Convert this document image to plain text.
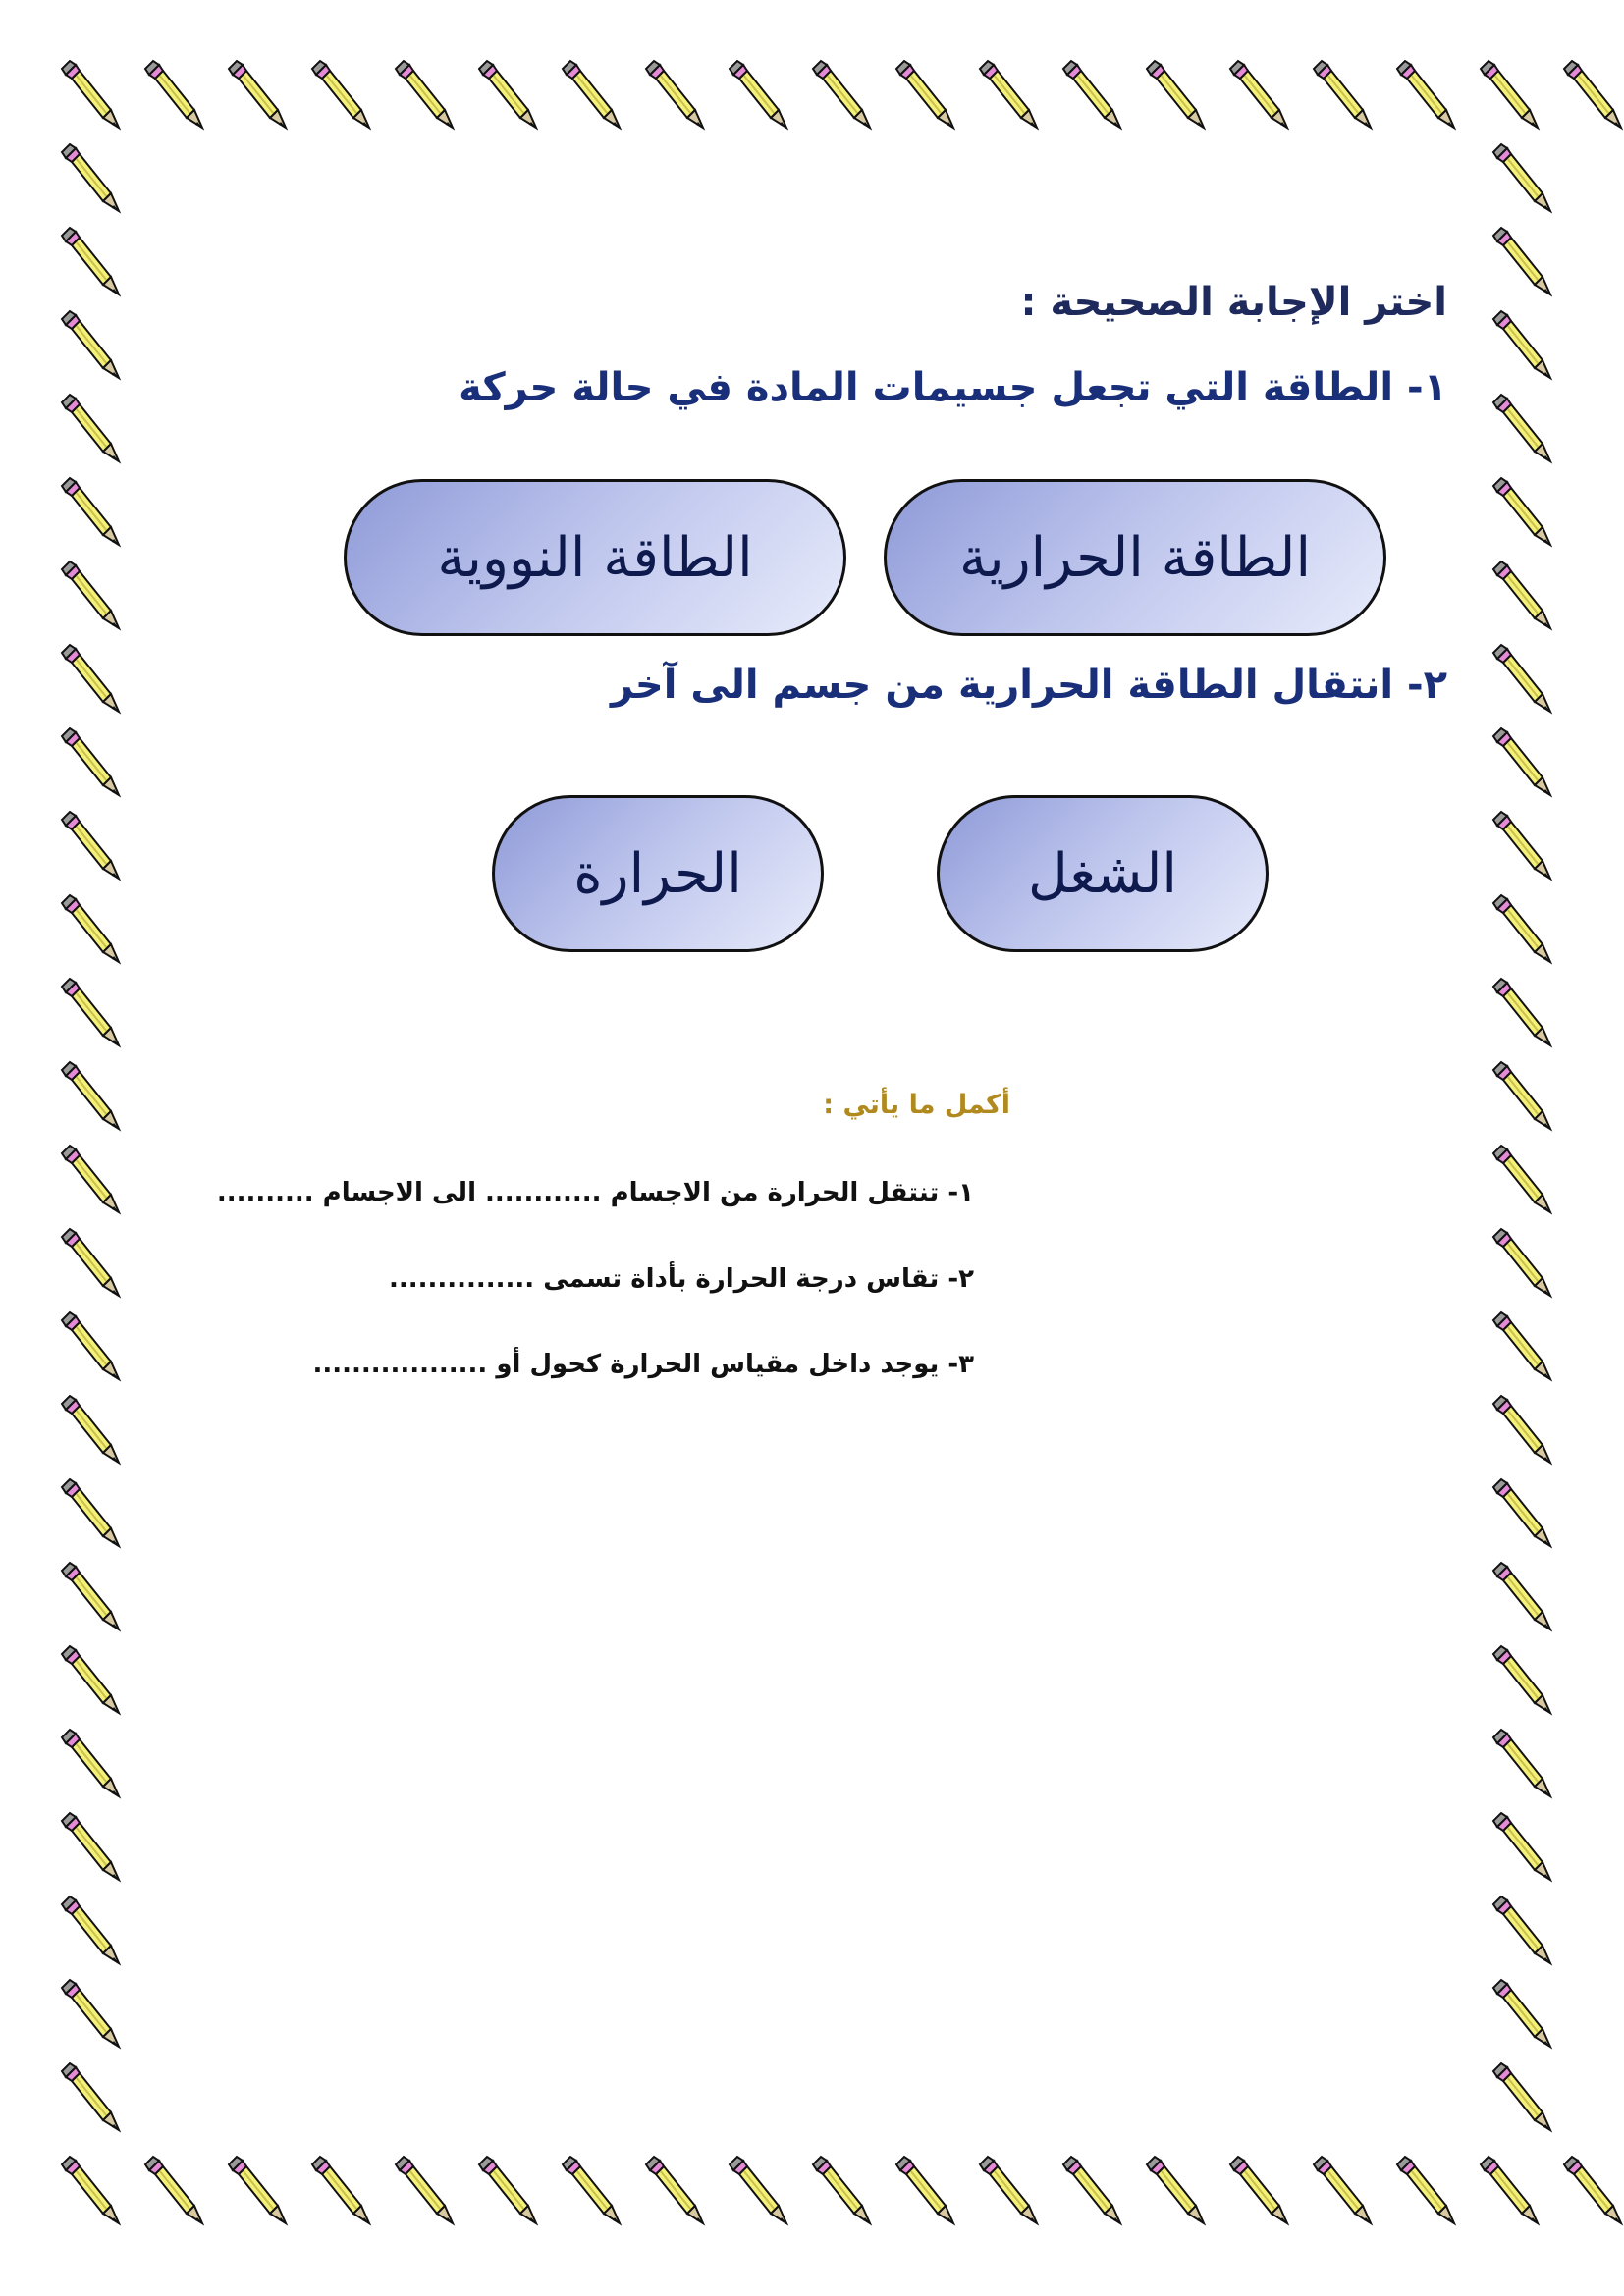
اختر الإجابة الصحيحة :

١- الطاقة التي تجعل جسيمات المادة في حالة حركة

الطاقة الحرارية
الطاقة النووية

٢- انتقال الطاقة الحرارية من جسم الى آخر

الشغل
الحرارة

أكمل ما يأتي :

١- تنتقل الحرارة من الاجسام ............ الى الاجسام ..........

٢- تقاس درجة الحرارة بأداة تسمى ...............

٣- يوجد داخل مقياس الحرارة كحول أو ..................
